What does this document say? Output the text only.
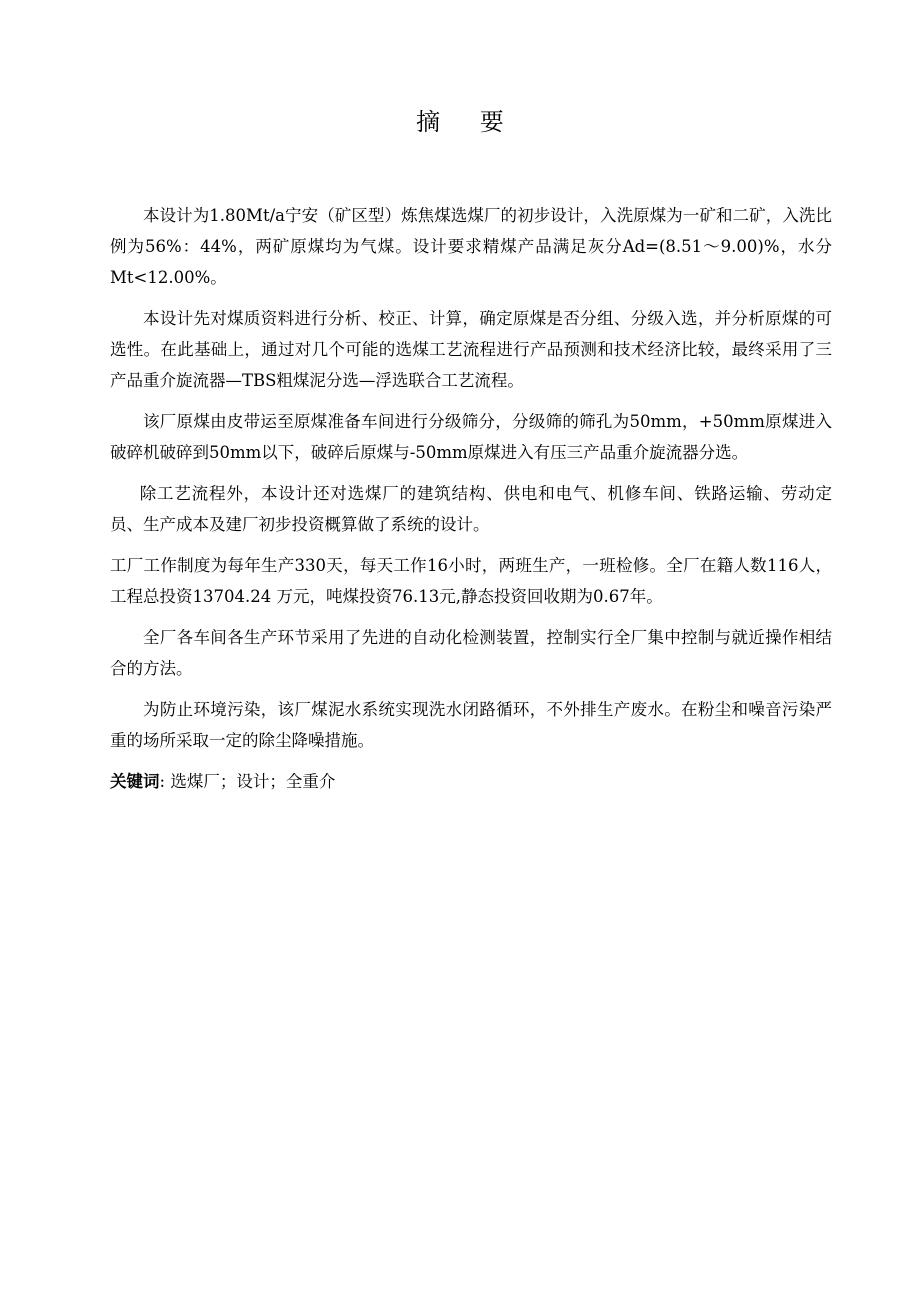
摘 要

本设计为1.80Mt/a宁安（矿区型）炼焦煤选煤厂的初步设计，入洗原煤为一矿和二矿，入洗比例为56%：44%，两矿原煤均为气煤。设计要求精煤产品满足灰分Ad=(8.51～9.00)%，水分Mt<12.00%。

本设计先对煤质资料进行分析、校正、计算，确定原煤是否分组、分级入选，并分析原煤的可选性。在此基础上，通过对几个可能的选煤工艺流程进行产品预测和技术经济比较，最终采用了三产品重介旋流器—TBS粗煤泥分选—浮选联合工艺流程。

该厂原煤由皮带运至原煤准备车间进行分级筛分，分级筛的筛孔为50mm，+50mm原煤进入破碎机破碎到50mm以下，破碎后原煤与-50mm原煤进入有压三产品重介旋流器分选。

除工艺流程外，本设计还对选煤厂的建筑结构、供电和电气、机修车间、铁路运输、劳动定员、生产成本及建厂初步投资概算做了系统的设计。

工厂工作制度为每年生产330天，每天工作16小时，两班生产，一班检修。全厂在籍人数116人，工程总投资13704.24 万元，吨煤投资76.13元,静态投资回收期为0.67年。

全厂各车间各生产环节采用了先进的自动化检测装置，控制实行全厂集中控制与就近操作相结合的方法。

为防止环境污染，该厂煤泥水系统实现洗水闭路循环，不外排生产废水。在粉尘和噪音污染严重的场所采取一定的除尘降噪措施。

关键词: 选煤厂；设计；全重介
